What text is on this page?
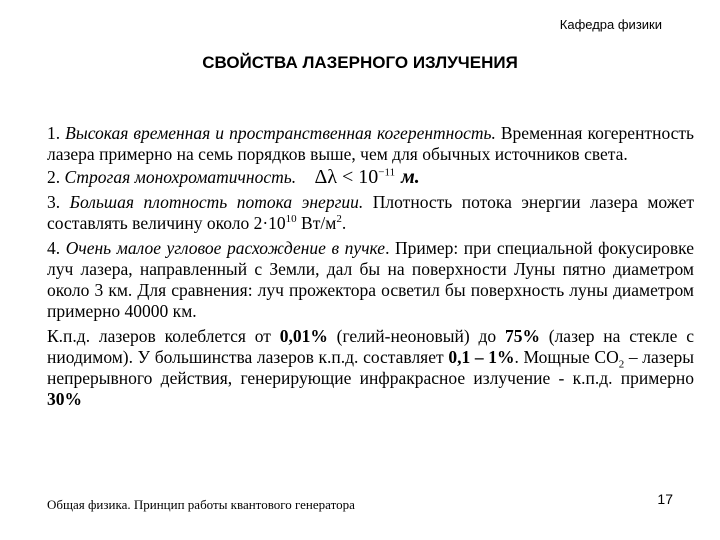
Кафедра физики
СВОЙСТВА ЛАЗЕРНОГО ИЗЛУЧЕНИЯ

1. Высокая временная и пространственная когерентность. Временная когерентность лазера примерно на семь порядков выше, чем для обычных источников света.

2. Строгая монохроматичность. $\Delta\lambda < 10^{-11}$ м.

3. Большая плотность потока энергии. Плотность потока энергии лазера может составлять величину около $2\cdot 10^{10}$ $Вт/м^2$.

4. Очень малое угловое расхождение в пучке. Пример: при специальной фокусировке луч лазера, направленный с Земли, дал бы на поверхности Луны пятно диаметром около 3 км. Для сравнения: луч прожектора осветил бы поверхность луны диаметром примерно 40000 км.

К.п.д. лазеров колеблется от 0,01% (гелий-неоновый) до 75% (лазер на стекле с ниодимом). У большинства лазеров к.п.д. составляет 0,1 – 1%. Мощные $СО_2$ – лазеры непрерывного действия, генерирующие инфракрасное излучение - к.п.д. примерно 30%

Общая физика. Принцип работы квантового генератора	17
